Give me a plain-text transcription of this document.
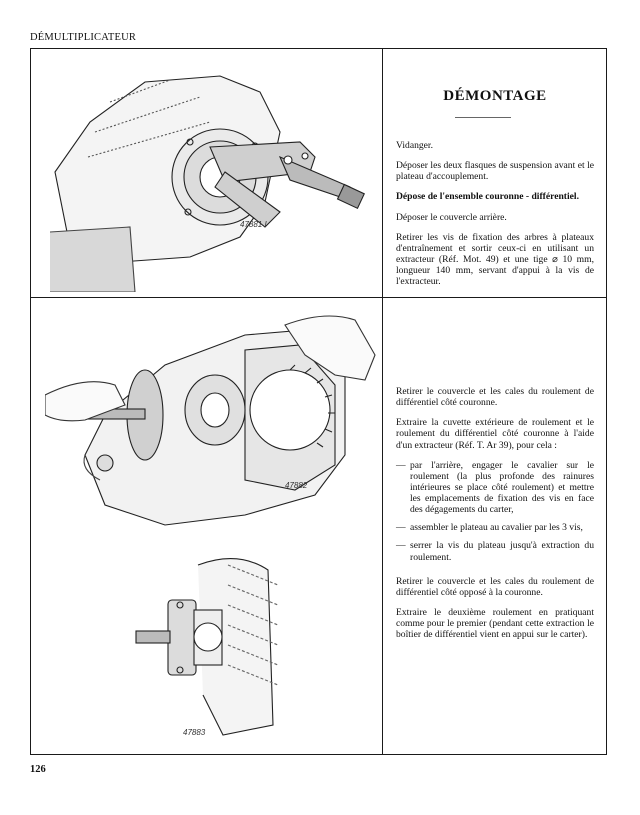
DÉMULTIPLICATEUR
47881 I
47882
47883
DÉMONTAGE

Vidanger.

Déposer les deux flasques de suspension avant et le plateau d'accouplement.

Dépose de l'ensemble couronne - différentiel.

Déposer le couvercle arrière.

Retirer les vis de fixation des arbres à plateaux d'entraînement et sortir ceux-ci en utilisant un extracteur (Réf. Mot. 49) et une tige ⌀ 10 mm, longueur 140 mm, servant d'appui à la vis de l'extracteur.

Retirer le couvercle et les cales du roulement de différentiel côté couronne.

Extraire la cuvette extérieure de roulement et le roulement du différentiel côté couronne à l'aide d'un extracteur (Réf. T. Ar 39), pour cela :

— par l'arrière, engager le cavalier sur le roulement (la plus profonde des rainures intérieures se place côté roulement) et mettre les emplacements de fixation des vis en face des dégagements du carter,
— assembler le plateau au cavalier par les 3 vis,
— serrer la vis du plateau jusqu'à extraction du roulement.

Retirer le couvercle et les cales du roulement de différentiel côté opposé à la couronne.

Extraire le deuxième roulement en pratiquant comme pour le premier (pendant cette extraction le boîtier de différentiel vient en appui sur le carter).

126
